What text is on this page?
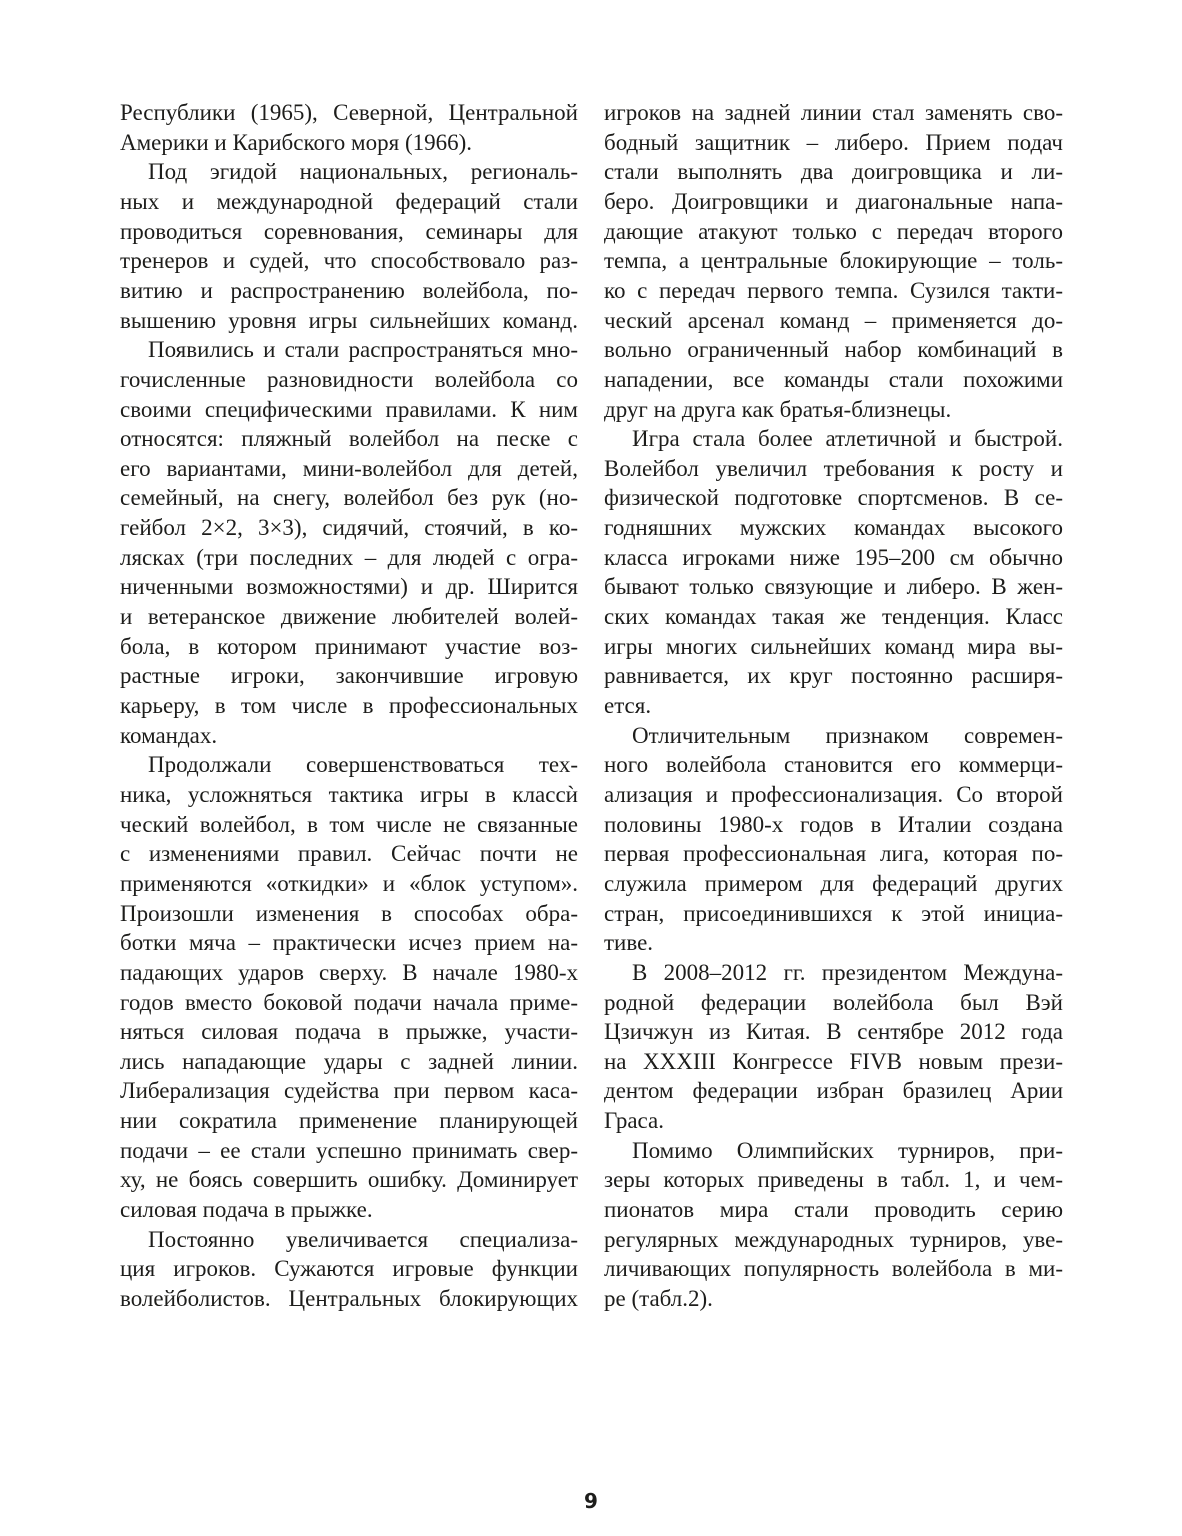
Республики (1965), Северной, Центральной

Америки и Карибского моря (1966).

Под эгидой национальных, региональ-

ных и международной федераций стали

проводиться соревнования, семинары для

тренеров и судей, что способствовало раз-

витию и распространению волейбола, по-

вышению уровня игры сильнейших команд.

Появились и стали распространяться мно-

гочисленные разновидности волейбола со

своими специфическими правилами. К ним

относятся: пляжный волейбол на песке с

его вариантами, мини-волейбол для детей,

семейный, на снегу, волейбол без рук (но-

гейбол 2×2, 3×3), сидячий, стоячий, в ко-

лясках (три последних – для людей с огра-

ниченными возможностями) и др. Ширится

и ветеранское движение любителей волей-

бола, в котором принимают участие воз-

растные игроки, закончившие игровую

карьеру, в том числе в профессиональных

командах.

Продолжали совершенствоваться тех-

ника, усложняться тактика игры в классѝ

ческий волейбол, в том числе не связанные

с изменениями правил. Сейчас почти не

применяются «откидки» и «блок уступом».

Произошли изменения в способах обра-

ботки мяча – практически исчез прием на-

падающих ударов сверху. В начале 1980-х

годов вместо боковой подачи начала приме-

няться силовая подача в прыжке, участи-

лись нападающие удары с задней линии.

Либерализация судейства при первом каса-

нии сократила применение планирующей

подачи – ее стали успешно принимать свер-

ху, не боясь совершить ошибку. Доминирует

силовая подача в прыжке.

Постоянно увеличивается специализа-

ция игроков. Сужаются игровые функции

волейболистов. Центральных блокирующих

игроков на задней линии стал заменять сво-

бодный защитник – либеро. Прием подач

стали выполнять два доигровщика и ли-

беро. Доигровщики и диагональные напа-

дающие атакуют только с передач второго

темпа, а центральные блокирующие – толь-

ко с передач первого темпа. Сузился такти-

ческий арсенал команд – применяется до-

вольно ограниченный набор комбинаций в

нападении, все команды стали похожими

друг на друга как братья-близнецы.

Игра стала более атлетичной и быстрой.

Волейбол увеличил требования к росту и

физической подготовке спортсменов. В се-

годняшних мужских командах высокого

класса игроками ниже 195–200 см обычно

бывают только связующие и либеро. В жен-

ских командах такая же тенденция. Класс

игры многих сильнейших команд мира вы-

равнивается, их круг постоянно расширя-

ется.

Отличительным признаком современ-

ного волейбола становится его коммерци-

ализация и профессионализация. Со второй

половины 1980-х годов в Италии создана

первая профессиональная лига, которая по-

служила примером для федераций других

стран, присоединившихся к этой инициа-

тиве.

В 2008–2012 гг. президентом Междуна-

родной федерации волейбола был Вэй

Цзичжун из Китая. В сентябре 2012 года

на XXXIII Конгрессе FIVB новым прези-

дентом федерации избран бразилец Арии

Граса.

Помимо Олимпийских турниров, при-

зеры которых приведены в табл. 1, и чем-

пионатов мира стали проводить серию

регулярных международных турниров, уве-

личивающих популярность волейбола в ми-

ре (табл.2).

9
